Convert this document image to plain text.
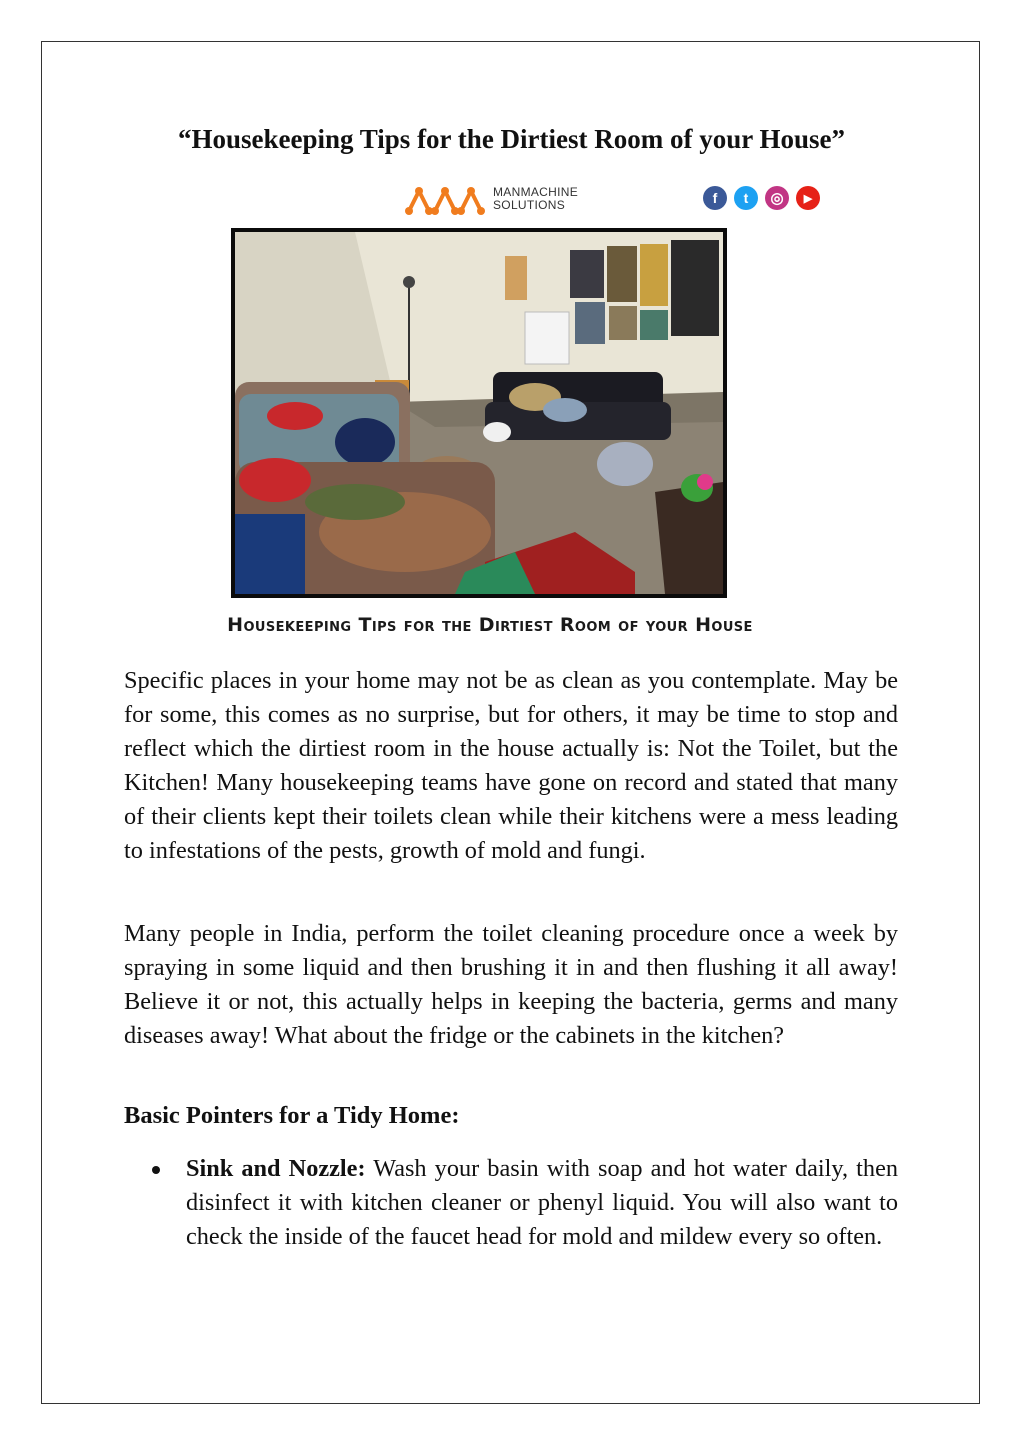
“Housekeeping Tips for the Dirtiest Room of your House”
MANMACHINE
SOLUTIONS	f	t	◎	▶
Housekeeping Tips for the Dirtiest Room of your House
Specific places in your home may not be as clean as you contemplate. May be for some, this comes as no surprise, but for others, it may be time to stop and reflect which the dirtiest room in the house actually is: Not the Toilet, but the Kitchen! Many housekeeping teams have gone on record and stated that many of their clients kept their toilets clean while their kitchens were a mess leading to infestations of the pests, growth of mold and fungi.
Many people in India, perform the toilet cleaning procedure once a week by spraying in some liquid and then brushing it in and then flushing it all away! Believe it or not, this actually helps in keeping the bacteria, germs and many diseases away! What about the fridge or the cabinets in the kitchen?
Basic Pointers for a Tidy Home:
Sink and Nozzle: Wash your basin with soap and hot water daily, then disinfect it with kitchen cleaner or phenyl liquid. You will also want to check the inside of the faucet head for mold and mildew every so often.
